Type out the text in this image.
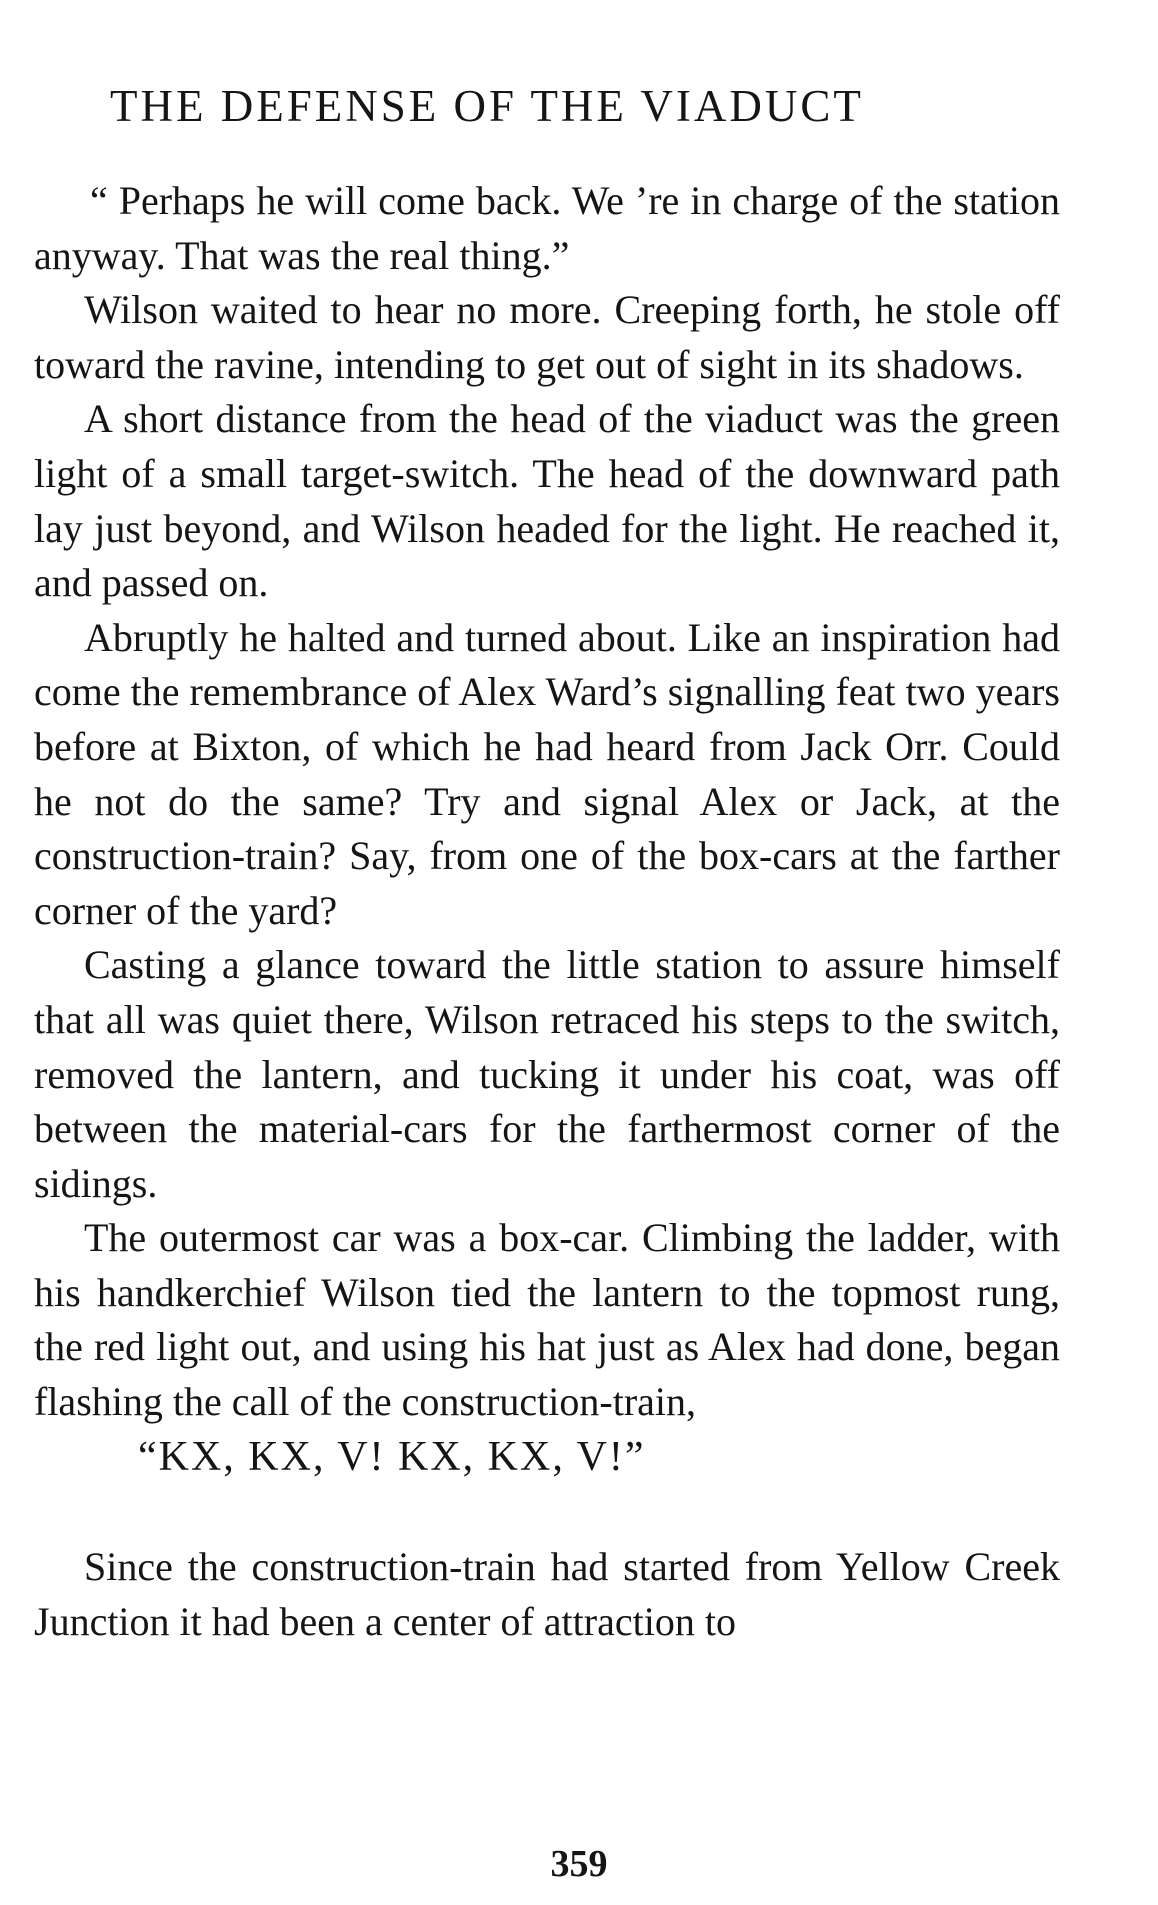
THE DEFENSE OF THE VIADUCT

“ Perhaps he will come back. We ’re in charge of the station anyway. That was the real thing.”

Wilson waited to hear no more. Creeping forth, he stole off toward the ravine, intending to get out of sight in its shadows.

A short distance from the head of the viaduct was the green light of a small target-switch. The head of the downward path lay just beyond, and Wilson headed for the light. He reached it, and passed on.

Abruptly he halted and turned about. Like an inspiration had come the remembrance of Alex Ward’s signalling feat two years before at Bixton, of which he had heard from Jack Orr. Could he not do the same? Try and signal Alex or Jack, at the construction-train? Say, from one of the box-cars at the farther corner of the yard?

Casting a glance toward the little station to assure himself that all was quiet there, Wilson retraced his steps to the switch, removed the lantern, and tucking it under his coat, was off between the material-cars for the farthermost corner of the sidings.

The outermost car was a box-car. Climbing the ladder, with his handkerchief Wilson tied the lantern to the topmost rung, the red light out, and using his hat just as Alex had done, began flashing the call of the construction-train,

“KX, KX, V! KX, KX, V!”

Since the construction-train had started from Yellow Creek Junction it had been a center of attraction to

359
